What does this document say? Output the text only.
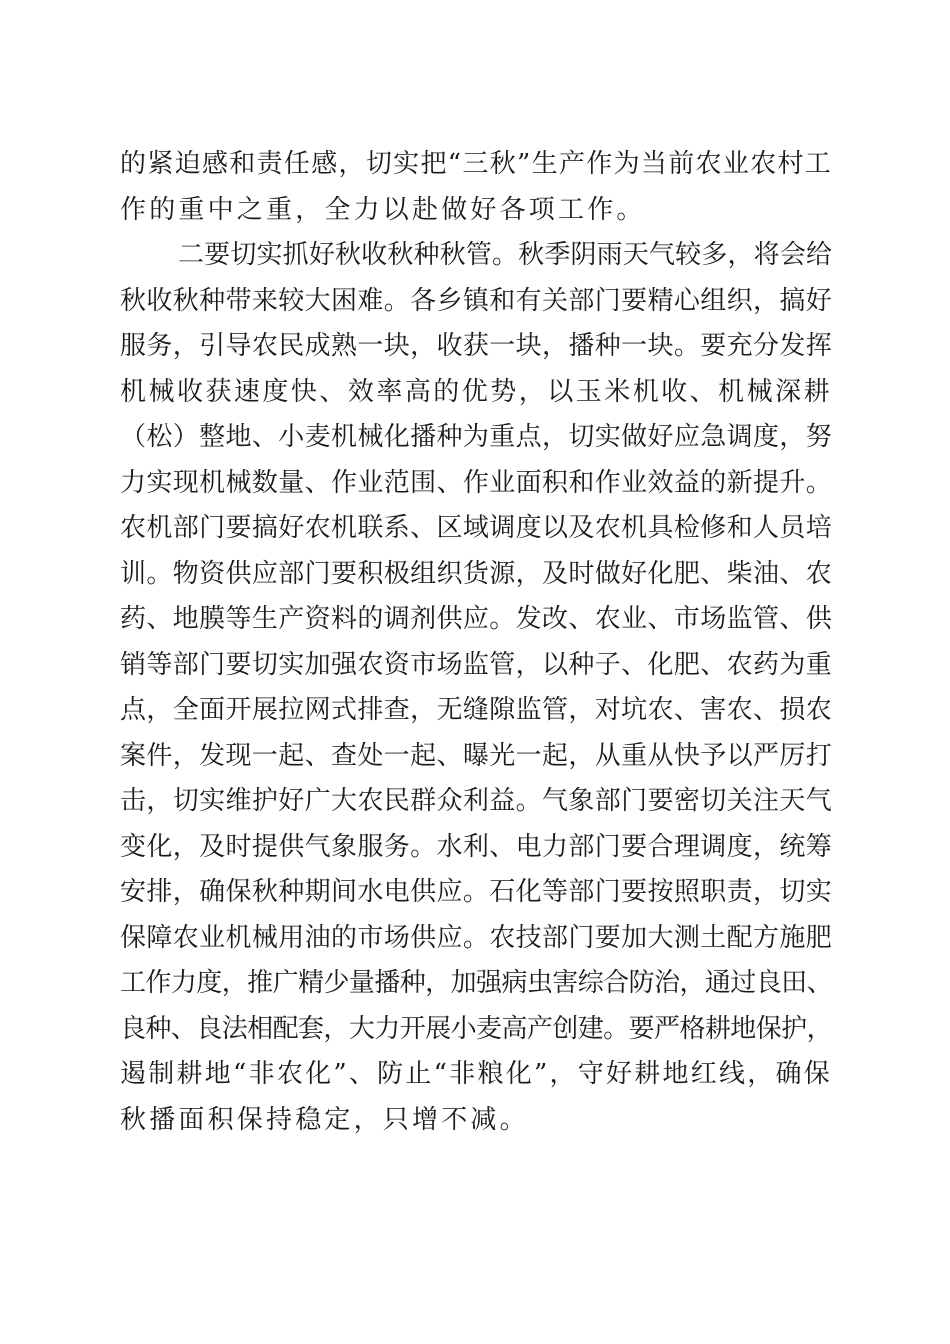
的紧迫感和责任感，切实把“三秋”生产作为当前农业农村工
作的重中之重，全力以赴做好各项工作。
二要切实抓好秋收秋种秋管。秋季阴雨天气较多，将会给
秋收秋种带来较大困难。各乡镇和有关部门要精心组织，搞好
服务，引导农民成熟一块，收获一块，播种一块。要充分发挥
机械收获速度快、效率高的优势，以玉米机收、机械深耕
（松）整地、小麦机械化播种为重点，切实做好应急调度，努
力实现机械数量、作业范围、作业面积和作业效益的新提升。
农机部门要搞好农机联系、区域调度以及农机具检修和人员培
训。物资供应部门要积极组织货源，及时做好化肥、柴油、农
药、地膜等生产资料的调剂供应。发改、农业、市场监管、供
销等部门要切实加强农资市场监管，以种子、化肥、农药为重
点，全面开展拉网式排查，无缝隙监管，对坑农、害农、损农
案件，发现一起、查处一起、曝光一起，从重从快予以严厉打
击，切实维护好广大农民群众利益。气象部门要密切关注天气
变化，及时提供气象服务。水利、电力部门要合理调度，统筹
安排，确保秋种期间水电供应。石化等部门要按照职责，切实
保障农业机械用油的市场供应。农技部门要加大测土配方施肥
工作力度，推广精少量播种，加强病虫害综合防治，通过良田、
良种、良法相配套，大力开展小麦高产创建。要严格耕地保护，
遏制耕地“非农化”、防止“非粮化”，守好耕地红线，确保
秋播面积保持稳定，只增不减。
